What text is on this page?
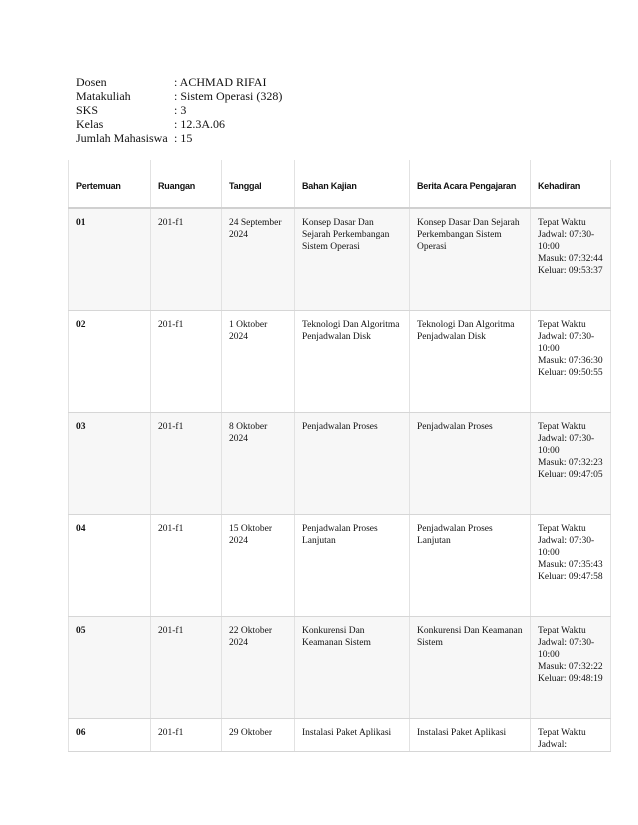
Dosen	: ACHMAD RIFAI
Matakuliah	: Sistem Operasi (328)
SKS	: 3
Kelas	: 12.3A.06
Jumlah Mahasiswa : 15
Pertemuan	Ruangan	Tanggal	Bahan Kajian	Berita Acara Pengajaran	Kehadiran
01	201-f1	24 September 2024	Konsep Dasar Dan Sejarah Perkembangan Sistem Operasi	Konsep Dasar Dan Sejarah Perkembangan Sistem Operasi	Tepat Waktu
Jadwal: 07:30-10:00
Masuk: 07:32:44
Keluar: 09:53:37

02	201-f1	1 Oktober 2024	Teknologi Dan Algoritma Penjadwalan Disk	Teknologi Dan Algoritma Penjadwalan Disk	Tepat Waktu
Jadwal: 07:30-10:00
Masuk: 07:36:30
Keluar: 09:50:55

03	201-f1	8 Oktober 2024	Penjadwalan Proses	Penjadwalan Proses	Tepat Waktu
Jadwal: 07:30-10:00
Masuk: 07:32:23
Keluar: 09:47:05

04	201-f1	15 Oktober 2024	Penjadwalan Proses Lanjutan	Penjadwalan Proses Lanjutan	Tepat Waktu
Jadwal: 07:30-10:00
Masuk: 07:35:43
Keluar: 09:47:58

05	201-f1	22 Oktober 2024	Konkurensi Dan Keamanan Sistem	Konkurensi Dan Keamanan Sistem	Tepat Waktu
Jadwal: 07:30-10:00
Masuk: 07:32:22
Keluar: 09:48:19

06	201-f1	29 Oktober	Instalasi Paket Aplikasi	Instalasi Paket Aplikasi	Tepat Waktu
Jadwal:
